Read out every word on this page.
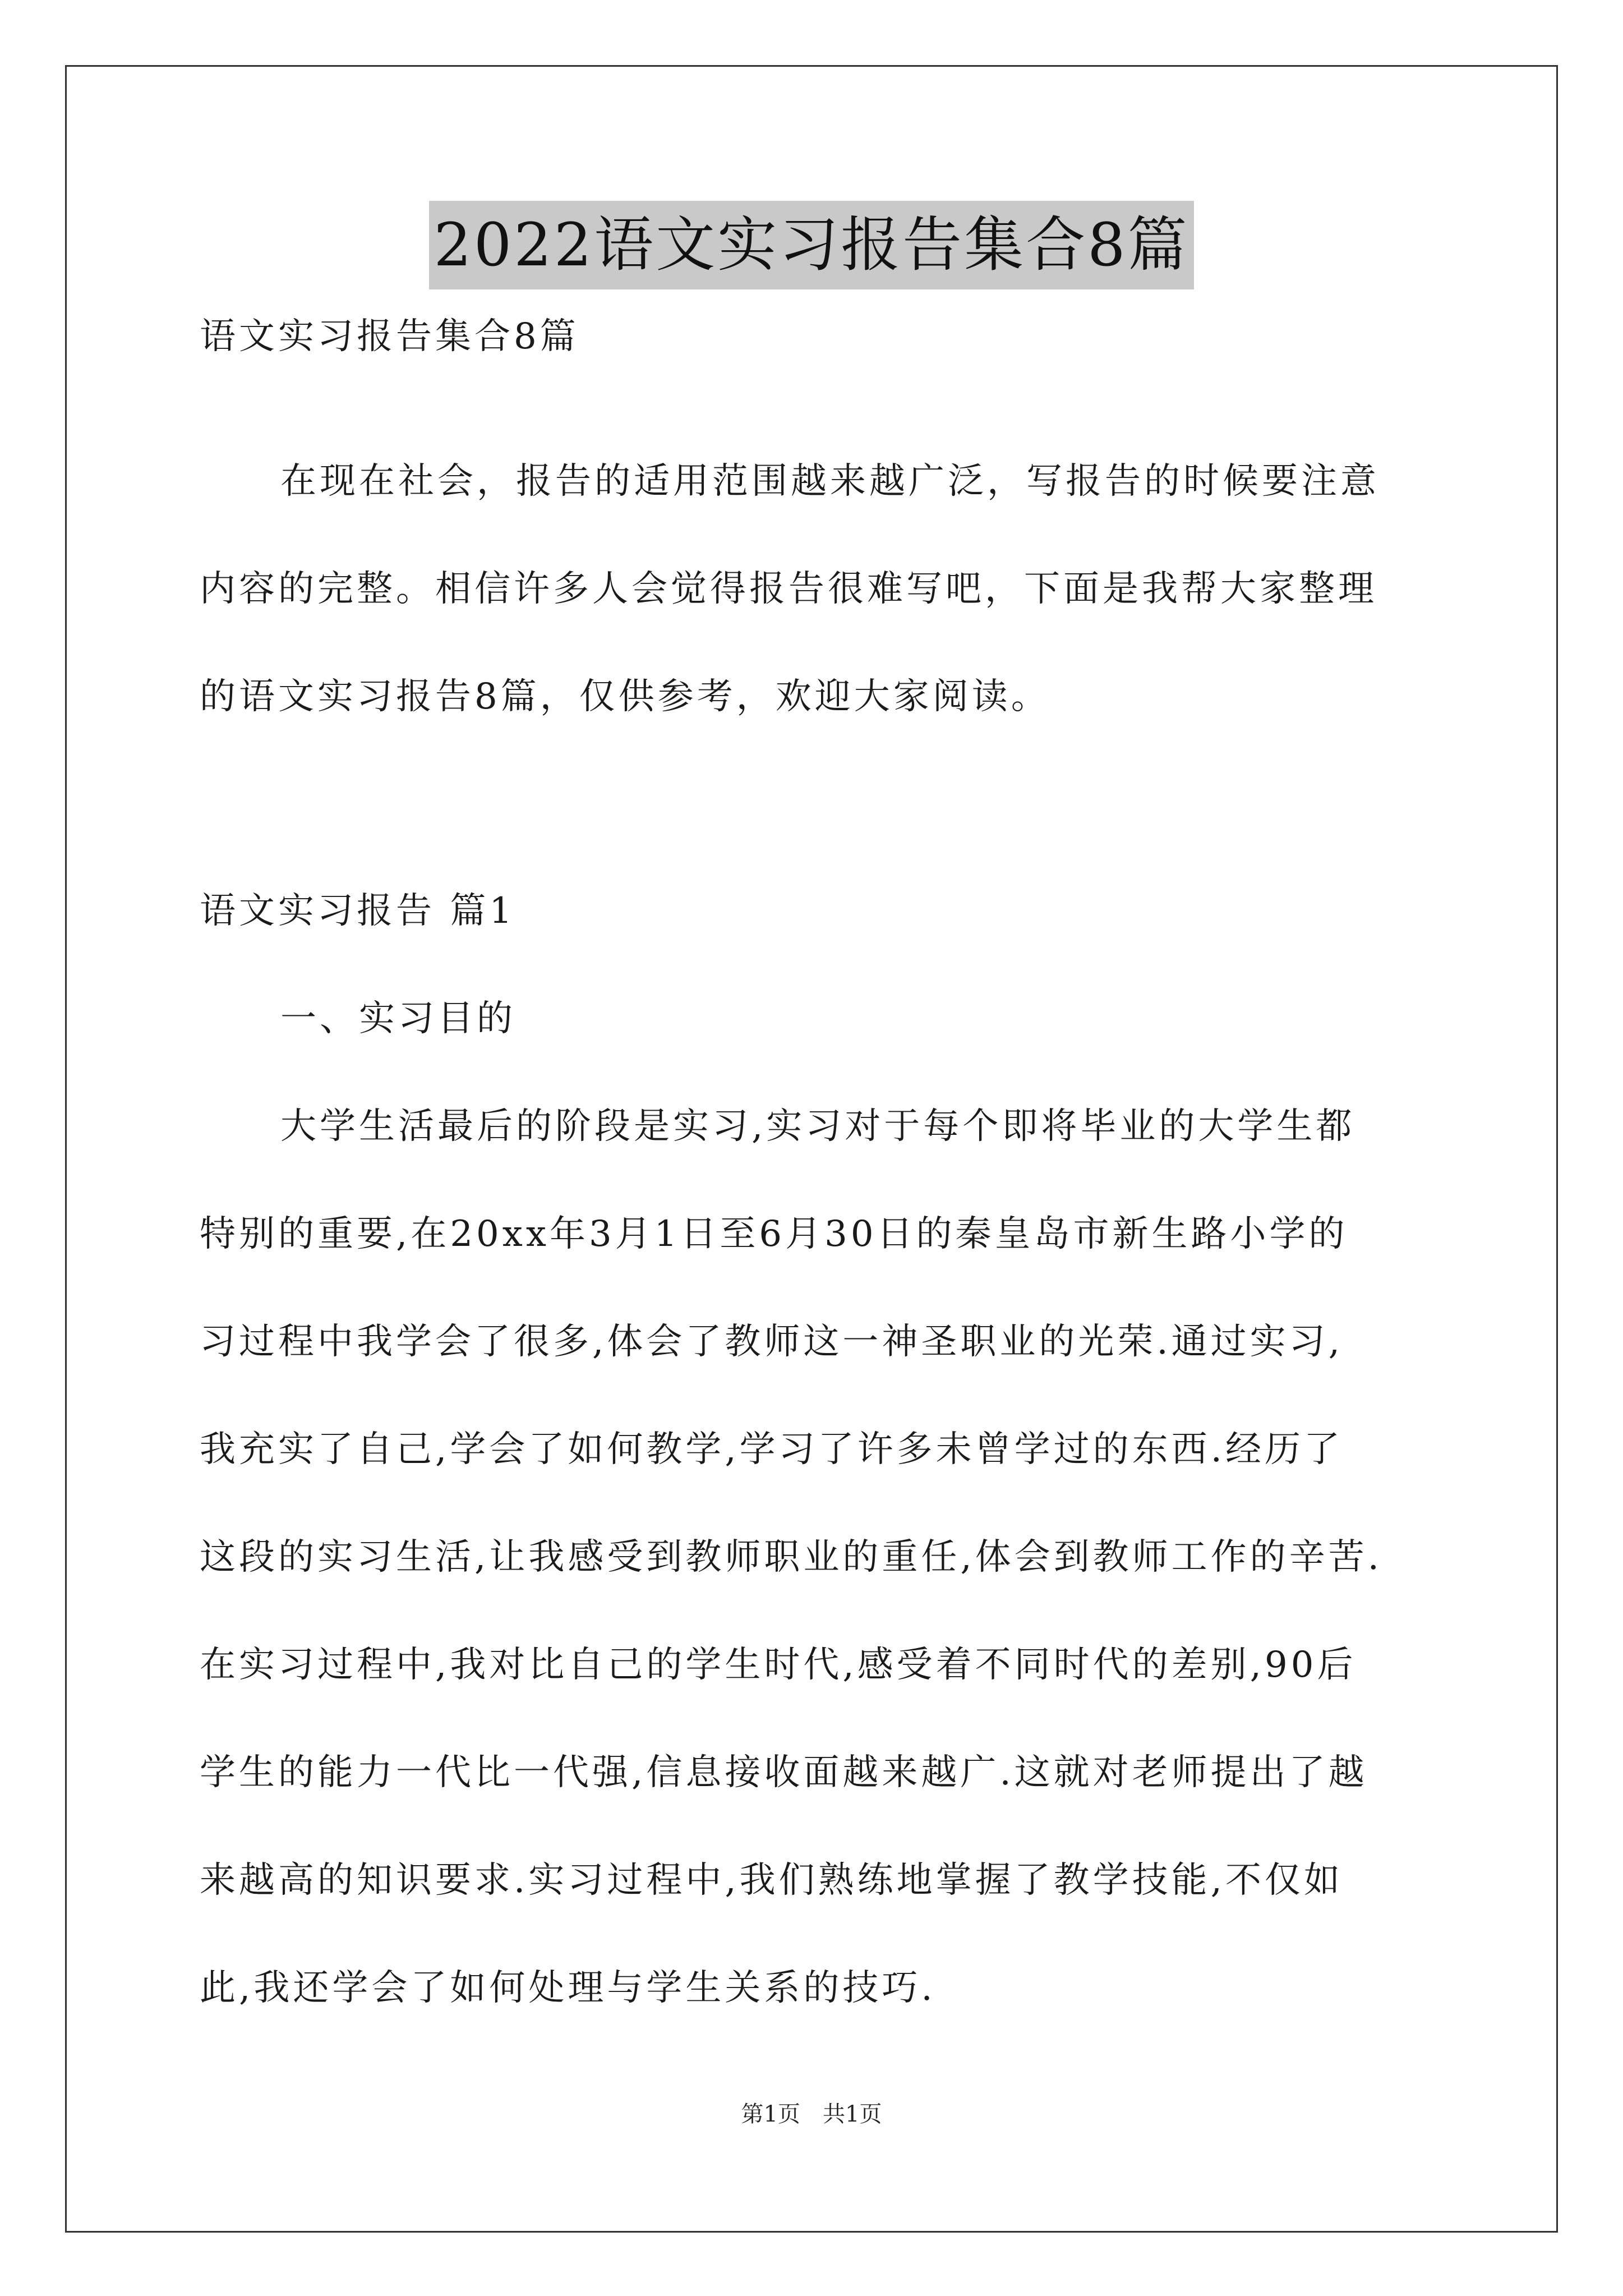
2022语文实习报告集合8篇
语文实习报告集合8篇
在现在社会，报告的适用范围越来越广泛，写报告的时候要注意
内容的完整。相信许多人会觉得报告很难写吧，下面是我帮大家整理
的语文实习报告8篇，仅供参考，欢迎大家阅读。
语文实习报告 篇1
一、实习目的
大学生活最后的阶段是实习,实习对于每个即将毕业的大学生都
特别的重要,在20xx年3月1日至6月30日的秦皇岛市新生路小学的
习过程中我学会了很多,体会了教师这一神圣职业的光荣.通过实习,
我充实了自己,学会了如何教学,学习了许多未曾学过的东西.经历了
这段的实习生活,让我感受到教师职业的重任,体会到教师工作的辛苦.
在实习过程中,我对比自己的学生时代,感受着不同时代的差别,90后
学生的能力一代比一代强,信息接收面越来越广.这就对老师提出了越
来越高的知识要求.实习过程中,我们熟练地掌握了教学技能,不仅如
此,我还学会了如何处理与学生关系的技巧.
第1页　共1页
